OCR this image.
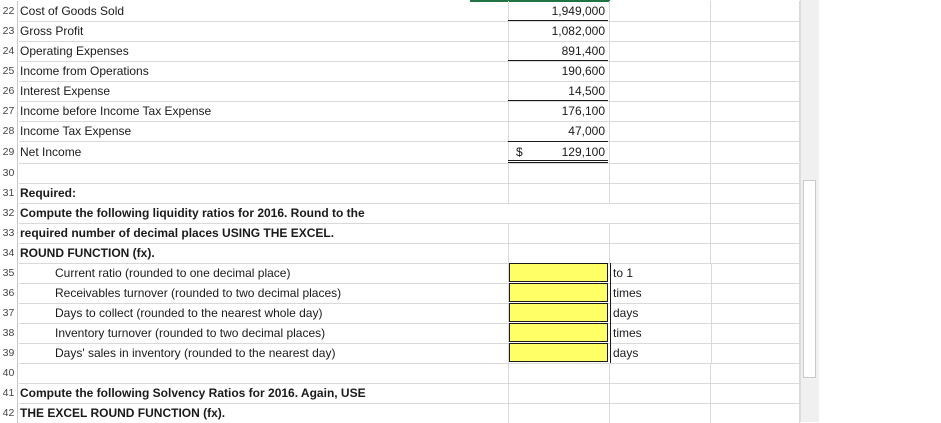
22 Cost of Goods Sold	1,949,000
23 Gross Profit	1,082,000
24 Operating Expenses	891,400
25 Income from Operations	190,600
26 Interest Expense	14,500
27 Income before Income Tax Expense	176,100
28 Income Tax Expense	47,000
29 Net Income	129,100
$
30
31 Required:
32 Compute the following liquidity ratios for 2016. Round to the
33 required number of decimal places USING THE EXCEL.
34 ROUND FUNCTION (fx).
35	Current ratio (rounded to one decimal place)	to 1
36	Receivables turnover (rounded to two decimal places)	times
37	Days to collect (rounded to the nearest whole day)	days
38	Inventory turnover (rounded to two decimal places)	times
39	Days' sales in inventory (rounded to the nearest day)	days
40
41 Compute the following Solvency Ratios for 2016. Again, USE
42 THE EXCEL ROUND FUNCTION (fx).
